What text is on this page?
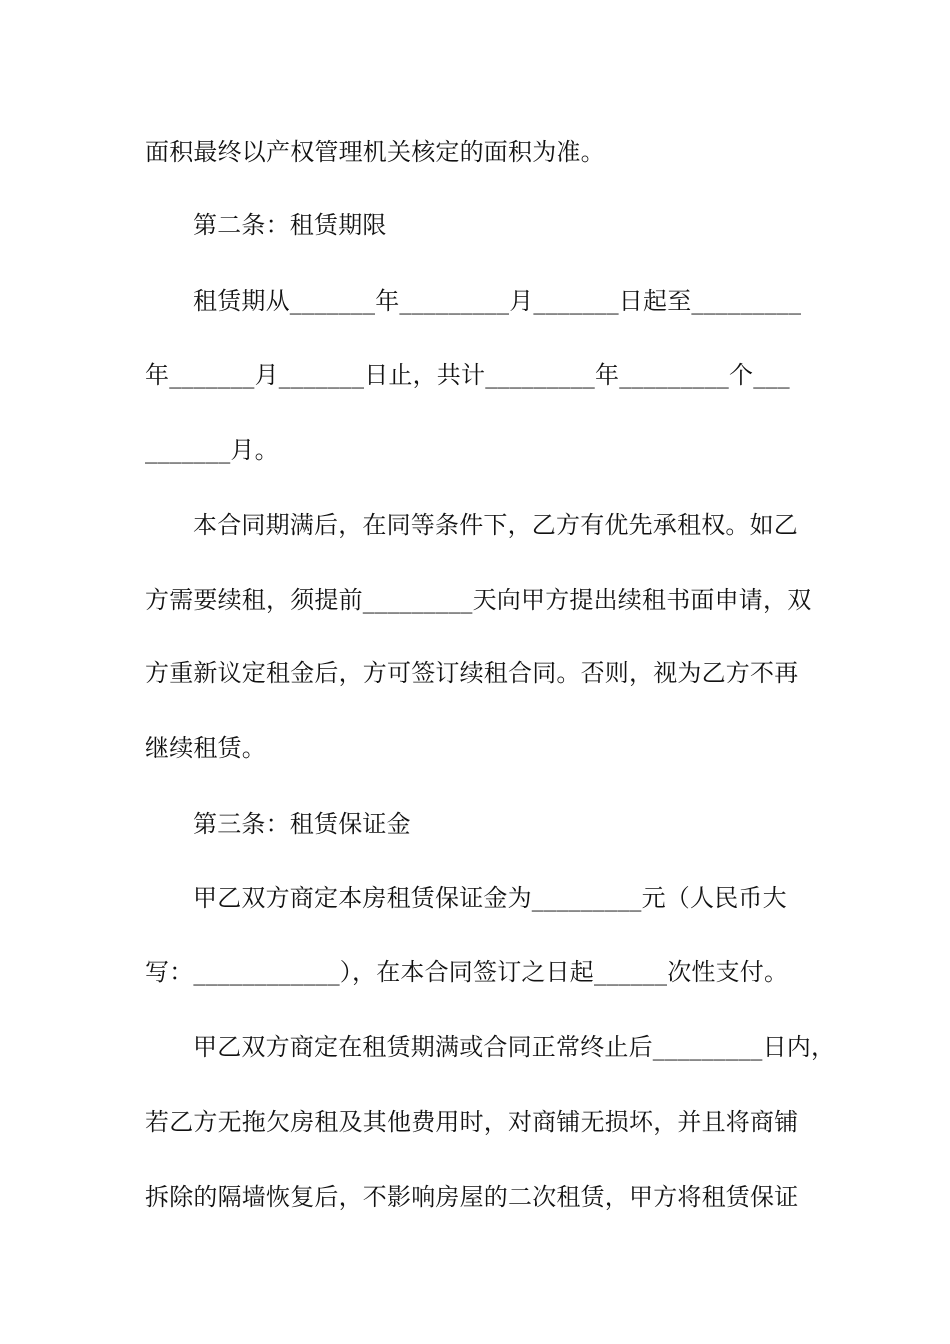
面积最终以产权管理机关核定的面积为准。
第二条：租赁期限
租赁期从_______年_________月_______日起至_________
年_______月_______日止，共计_________年_________个___
_______月。
本合同期满后，在同等条件下，乙方有优先承租权。如乙
方需要续租，须提前_________天向甲方提出续租书面申请，双
方重新议定租金后，方可签订续租合同。否则，视为乙方不再
继续租赁。
第三条：租赁保证金
甲乙双方商定本房租赁保证金为_________元（人民币大
写：____________），在本合同签订之日起______次性支付。
甲乙双方商定在租赁期满或合同正常终止后_________日内，
若乙方无拖欠房租及其他费用时，对商铺无损坏，并且将商铺
拆除的隔墙恢复后，不影响房屋的二次租赁，甲方将租赁保证
